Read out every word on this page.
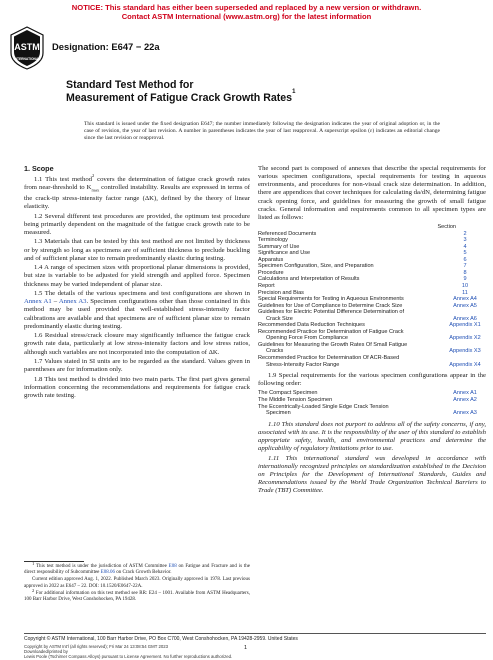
NOTICE: This standard has either been superseded and replaced by a new version or withdrawn.
Contact ASTM International (www.astm.org) for the latest information
ASTM
INTERNATIONAL
Designation: E647 − 22a
Standard Test Method for
Measurement of Fatigue Crack Growth Rates$^1$
This standard is issued under the fixed designation E647; the number immediately following the designation indicates the year of original adoption or, in the case of revision, the year of last revision. A number in parentheses indicates the year of last reapproval. A superscript epsilon (ε) indicates an editorial change since the last revision or reapproval.
1. Scope

1.1 This test method$^2$ covers the determination of fatigue crack growth rates from near-threshold to $K_{max}$ controlled instability. Results are expressed in terms of the crack-tip stress-intensity factor range (ΔK), defined by the theory of linear elasticity.

1.2 Several different test procedures are provided, the optimum test procedure being primarily dependent on the magnitude of the fatigue crack growth rate to be measured.

1.3 Materials that can be tested by this test method are not limited by thickness or by strength so long as specimens are of sufficient thickness to preclude buckling and of sufficient planar size to remain predominantly elastic during testing.

1.4 A range of specimen sizes with proportional planar dimensions is provided, but size is variable to be adjusted for yield strength and applied force. Specimen thickness may be varied independent of planar size.

1.5 The details of the various specimens and test configurations are shown in Annex A1 – Annex A3. Specimen configurations other than those contained in this method may be used provided that well-established stress-intensity factor calibrations are available and that specimens are of sufficient planar size to remain predominantly elastic during testing.

1.6 Residual stress/crack closure may significantly influence the fatigue crack growth rate data, particularly at low stress-intensity factors and low stress ratios, although such variables are not incorporated into the computation of ΔK.

1.7 Values stated in SI units are to be regarded as the standard. Values given in parentheses are for information only.

1.8 This test method is divided into two main parts. The first part gives general information concerning the recommendations and requirements for fatigue crack growth rate testing.

$^1$ This test method is under the jurisdiction of ASTM Committee E08 on Fatigue and Fracture and is the direct responsibility of Subcommittee E08.06 on Crack Growth Behavior.

Current edition approved Aug. 1, 2022. Published March 2023. Originally approved in 1978. Last previous approved in 2022 as E647 – 22. DOI: 10.1520/E0647-22A.

$^2$ For additional information on this test method see RR: E24 – 1001. Available from ASTM Headquarters, 100 Barr Harbor Drive, West Conshohocken, PA 19428.

The second part is composed of annexes that describe the special requirements for various specimen configurations, special requirements for testing in aqueous environments, and procedures for non-visual crack size determination. In addition, there are appendices that cover techniques for calculating da/dN, determining fatigue crack opening force, and guidelines for measuring the growth of small fatigue cracks. General information and requirements common to all specimen types are listed as follows:

Section
Referenced Documents	2
Terminology	3
Summary of Use	4
Significance and Use	5
Apparatus	6
Specimen Configuration, Size, and Preparation	7
Procedure	8
Calculations and Interpretation of Results	9
Report	10
Precision and Bias	11
Special Requirements for Testing in Aqueous Environments	Annex A4
Guidelines for Use of Compliance to Determine Crack Size	Annex A5
Guidelines for Electric Potential Difference Determination of
Crack Size	Annex A6
Recommended Data Reduction Techniques	Appendix X1
Recommended Practice for Determination of Fatigue Crack
Opening Force From Compliance	Appendix X2
Guidelines for Measuring the Growth Rates Of Small Fatigue
Cracks	Appendix X3
Recommended Practice for Determination Of ACR-Based
Stress-Intensity Factor Range	Appendix X4

1.9 Special requirements for the various specimen configurations appear in the following order:

The Compact Specimen	Annex A1
The Middle Tension Specimen	Annex A2
The Eccentrically-Loaded Single Edge Crack Tension
Specimen	Annex A3

1.10 This standard does not purport to address all of the safety concerns, if any, associated with its use. It is the responsibility of the user of this standard to establish appropriate safety, health, and environmental practices and determine the applicability of regulatory limitations prior to use.

1.11 This international standard was developed in accordance with internationally recognized principles on standardization established in the Decision on Principles for the Development of International Standards, Guides and Recommendations issued by the World Trade Organization Technical Barriers to Trade (TBT) Committee.

Copyright © ASTM International, 100 Barr Harbor Drive, PO Box C700, West Conshohocken, PA 19428-2959. United States
Copyright by ASTM Int'l (all rights reserved); Fri Mar 24 13:08:54 GMT 2023
Downloaded/printed by
Lewis Poole (Tschirner Compass Alloys) pursuant to License Agreement. No further reproductions authorized.
1
